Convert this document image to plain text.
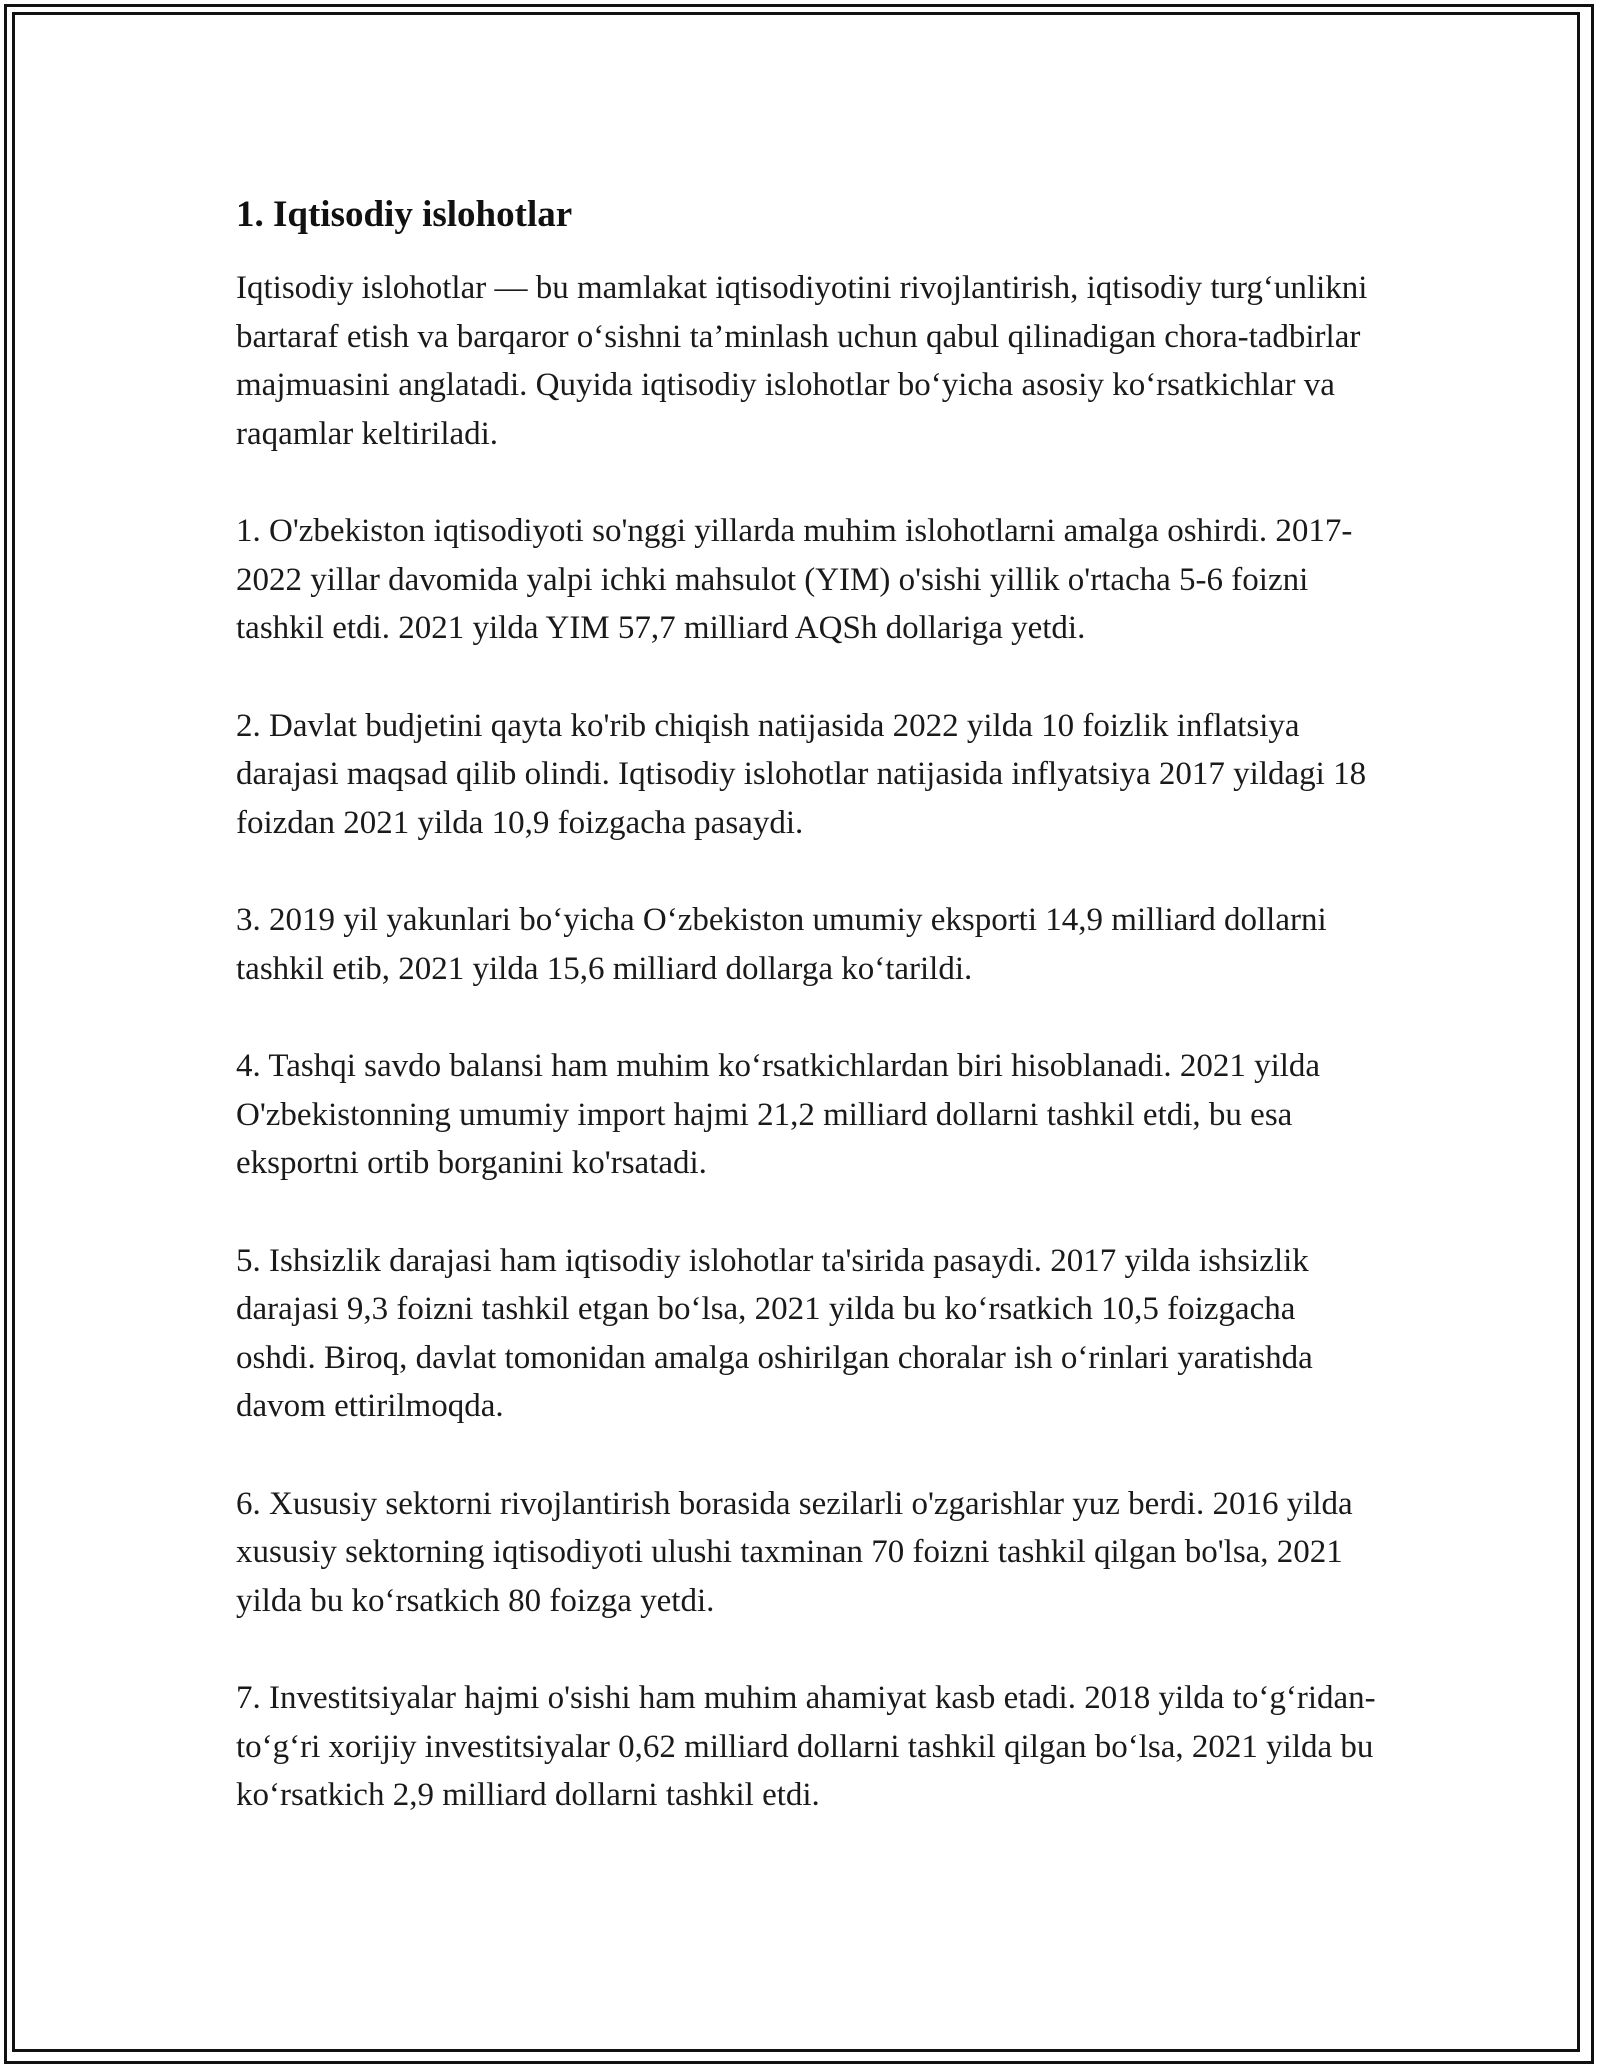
1. Iqtisodiy islohotlar

Iqtisodiy islohotlar — bu mamlakat iqtisodiyotini rivojlantirish, iqtisodiy turg‘unlikni bartaraf etish va barqaror o‘sishni ta’minlash uchun qabul qilinadigan chora-tadbirlar majmuasini anglatadi. Quyida iqtisodiy islohotlar bo‘yicha asosiy ko‘rsatkichlar va raqamlar keltiriladi.

1. O'zbekiston iqtisodiyoti so'nggi yillarda muhim islohotlarni amalga oshirdi. 2017-2022 yillar davomida yalpi ichki mahsulot (YIM) o'sishi yillik o'rtacha 5-6 foizni tashkil etdi. 2021 yilda YIM 57,7 milliard AQSh dollariga yetdi.

2. Davlat budjetini qayta ko'rib chiqish natijasida 2022 yilda 10 foizlik inflatsiya darajasi maqsad qilib olindi. Iqtisodiy islohotlar natijasida inflyatsiya 2017 yildagi 18 foizdan 2021 yilda 10,9 foizgacha pasaydi.

3. 2019 yil yakunlari bo‘yicha O‘zbekiston umumiy eksporti 14,9 milliard dollarni tashkil etib, 2021 yilda 15,6 milliard dollarga ko‘tarildi.

4. Tashqi savdo balansi ham muhim ko‘rsatkichlardan biri hisoblanadi. 2021 yilda O'zbekistonning umumiy import hajmi 21,2 milliard dollarni tashkil etdi, bu esa eksportni ortib borganini ko'rsatadi.

5. Ishsizlik darajasi ham iqtisodiy islohotlar ta'sirida pasaydi. 2017 yilda ishsizlik darajasi 9,3 foizni tashkil etgan bo‘lsa, 2021 yilda bu ko‘rsatkich 10,5 foizgacha oshdi. Biroq, davlat tomonidan amalga oshirilgan choralar ish o‘rinlari yaratishda davom ettirilmoqda.

6. Xususiy sektorni rivojlantirish borasida sezilarli o'zgarishlar yuz berdi. 2016 yilda xususiy sektorning iqtisodiyoti ulushi taxminan 70 foizni tashkil qilgan bo'lsa, 2021 yilda bu ko‘rsatkich 80 foizga yetdi.

7. Investitsiyalar hajmi o'sishi ham muhim ahamiyat kasb etadi. 2018 yilda to‘g‘ridan-to‘g‘ri xorijiy investitsiyalar 0,62 milliard dollarni tashkil qilgan bo‘lsa, 2021 yilda bu ko‘rsatkich 2,9 milliard dollarni tashkil etdi.
